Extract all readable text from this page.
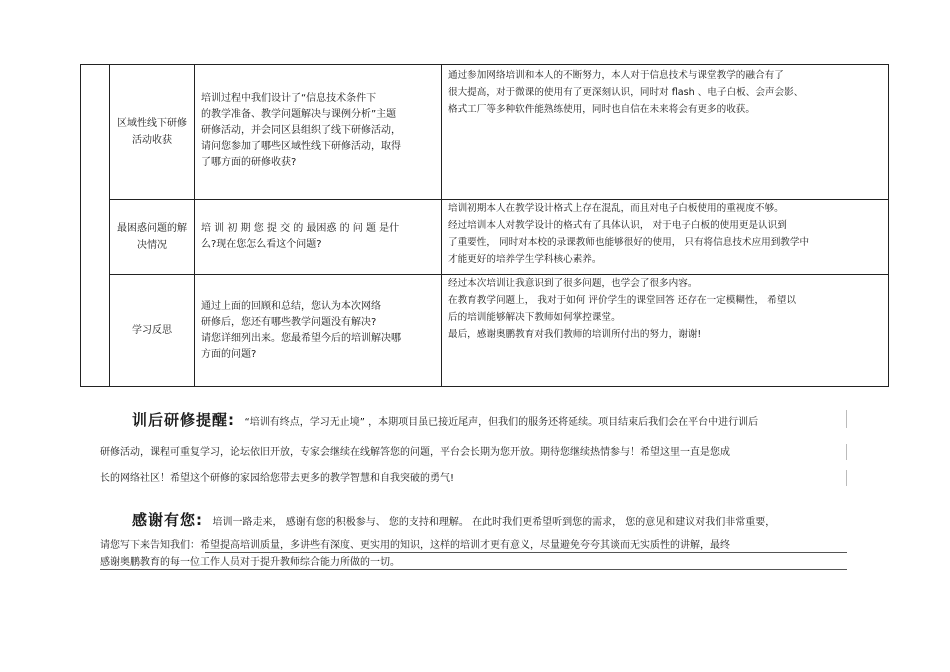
	区域性线下研修活动收获	培训过程中我们设计了“信息技术条件下
的教学准备、教学问题解决与课例分析”主题
研修活动，并会同区县组织了线下研修活动，
请问您参加了哪些区域性线下研修活动，取得
了哪方面的研修收获?	通过参加网络培训和本人的不断努力，本人对于信息技术与课堂教学的融合有了
很大提高，对于微课的使用有了更深刻认识，同时对 flash 、电子白板、会声会影、
格式工厂等多种软件能熟练使用，同时也自信在未来将会有更多的收获。

	最困惑问题的解决情况	培 训 初 期 您 提 交 的 最困惑 的 问 题 是什
么?现在您怎么看这个问题?	培训初期本人在教学设计格式上存在混乱，而且对电子白板使用的重视度不够。
经过培训本人对教学设计的格式有了具体认识， 对于电子白板的使用更是认识到
了重要性， 同时对本校的录课教师也能够很好的使用， 只有将信息技术应用到教学中
才能更好的培养学生学科核心素养。

	学习反思	通过上面的回顾和总结，您认为本次网络
研修后，您还有哪些教学问题没有解决?
请您详细列出来。您最希望今后的培训解决哪
方面的问题?	经过本次培训让我意识到了很多问题，也学会了很多内容。
在教育教学问题上， 我对于如何 评价学生的课堂回答 还存在一定模糊性， 希望以
后的培训能够解决下教师如何掌控课堂。
最后，感谢奥鹏教育对我们教师的培训所付出的努力，谢谢!

训后研修提醒: “培训有终点，学习无止境” ，本期项目虽已接近尾声，但我们的服务还将延续。项目结束后我们会在平台中进行训后

研修活动，课程可重复学习，论坛依旧开放，专家会继续在线解答您的问题，平台会长期为您开放。期待您继续热情参与！希望这里一直是您成

长的网络社区！希望这个研修的家园给您带去更多的教学智慧和自我突破的勇气!

感谢有您: 培训一路走来， 感谢有您的积极参与、 您的支持和理解。 在此时我们更希望听到您的需求， 您的意见和建议对我们非常重要，

请您写下来告知我们：希望提高培训质量，多讲些有深度、更实用的知识，这样的培训才更有意义，尽量避免夸夸其谈而无实质性的讲解，最终

感谢奥鹏教育的每一位工作人员对于提升教师综合能力所做的一切。
